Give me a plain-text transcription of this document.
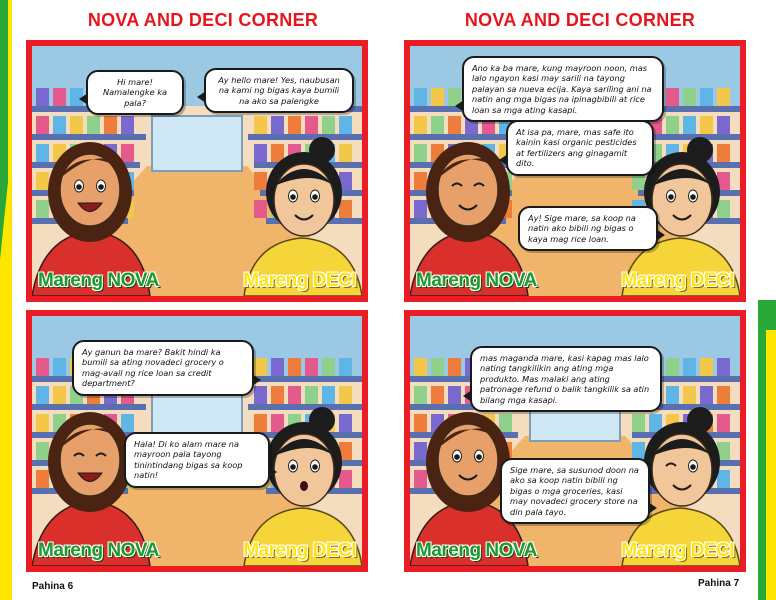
NOVA AND DECI CORNER	NOVA AND DECI CORNER
Hi mare! Namalengke ka pala?
Ay hello mare! Yes, naubusan na kami ng bigas kaya bumili na ako sa palengke
Mareng NOVA	Mareng DECI
Ay ganun ba mare? Bakit hindi ka bumili sa ating novadeci grocery o mag-avail ng rice loan sa credit department?
Hala! Di ko alam mare na mayroon pala tayong tinintindang bigas sa koop natin!
Mareng NOVA	Mareng DECI
Ano ka ba mare, kung mayroon noon, mas lalo ngayon kasi may sarili na tayong palayan sa nueva ecija. Kaya sariling ani na natin ang mga bigas na ipinagbibili at rice loan sa mga ating kasapi.
At isa pa, mare, mas safe ito kainin kasi organic pesticides at fertilizers ang ginagamit dito.
Ay! Sige mare, sa koop na natin ako bibili ng bigas o kaya mag rice loan.
Mareng NOVA	Mareng DECI
mas maganda mare, kasi kapag mas lalo nating tangkilikin ang ating mga produkto. Mas malaki ang ating patronage refund o balik tangkilik sa atin bilang mga kasapi.
Sige mare, sa susunod doon na ako sa koop natin bibili ng bigas o mga groceries, kasi may novadeci grocery store na din pala tayo.
Mareng NOVA	Mareng DECI
Pahina 6	Pahina 7
